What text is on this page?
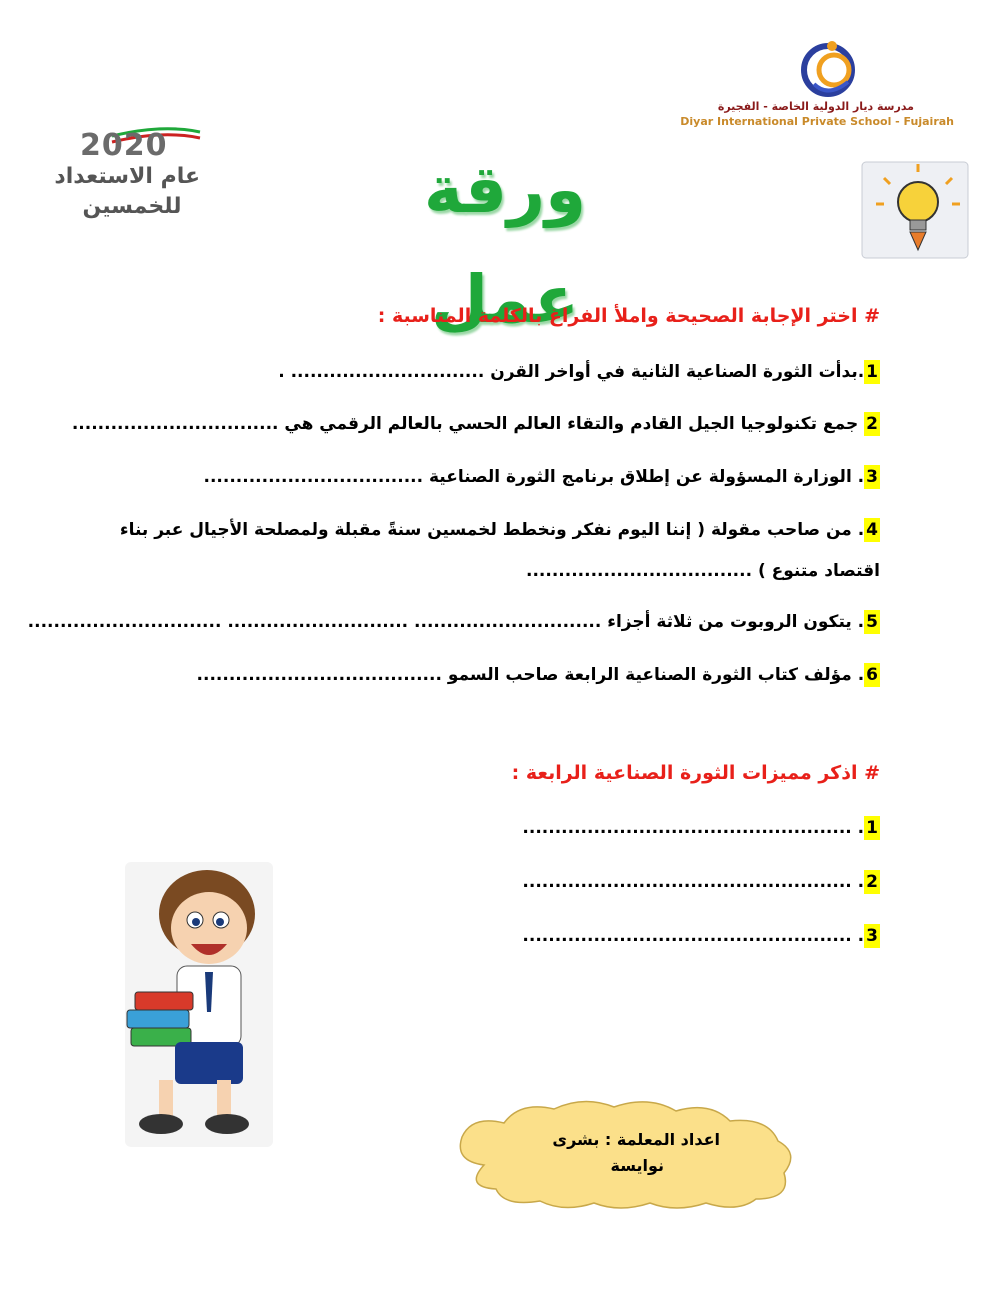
مدرسة ديار الدولية الخاصة - الفجيرة
Diyar International Private School - Fujairah
2020
عام الاستعداد
للخمسين	ورقة عمل
# اختر الإجابة الصحيحة واملأ الفراغ بالكلمة المناسبة :
1.بدأت الثورة الصناعية الثانية في أواخر القرن .............................. .
2 جمع تكنولوجيا الجيل القادم والتقاء العالم الحسي بالعالم الرقمي هي ................................
3. الوزارة المسؤولة عن إطلاق برنامج الثورة الصناعية ..................................
4. من صاحب مقولة ( إننا اليوم نفكر ونخطط لخمسين سنةً مقبلة ولمصلحة الأجيال عبر بناء
اقتصاد متنوع ) ...................................
5. يتكون الروبوت من ثلاثة أجزاء ............................. ............................ ..............................
6. مؤلف كتاب الثورة الصناعية الرابعة صاحب السمو ......................................
# اذكر مميزات الثورة الصناعية الرابعة :
1. ...................................................
2. ...................................................
3. ...................................................
اعداد المعلمة : بشرى
نوايسة
